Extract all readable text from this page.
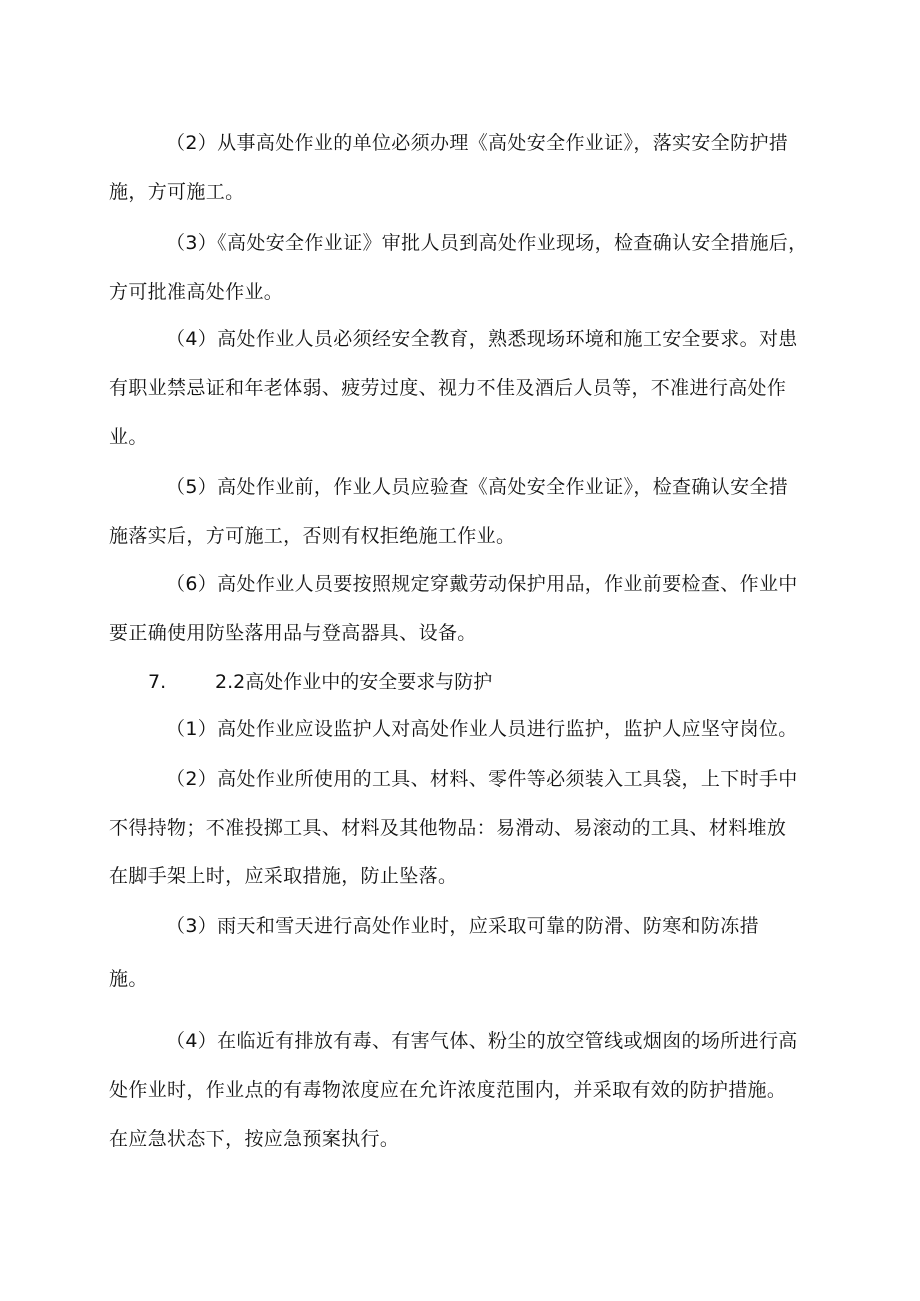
（2）从事高处作业的单位必须办理《高处安全作业证》，落实安全防护措
施，方可施工。
（3）《高处安全作业证》审批人员到高处作业现场，检查确认安全措施后，
方可批准高处作业。
（4）高处作业人员必须经安全教育，熟悉现场环境和施工安全要求。对患
有职业禁忌证和年老体弱、疲劳过度、视力不佳及酒后人员等，不准进行高处作
业。
（5）高处作业前，作业人员应验查《高处安全作业证》，检查确认安全措
施落实后，方可施工，否则有权拒绝施工作业。
（6）高处作业人员要按照规定穿戴劳动保护用品，作业前要检查、作业中
要正确使用防坠落用品与登高器具、设备。
7.	2.2高处作业中的安全要求与防护
（1）高处作业应设监护人对高处作业人员进行监护，监护人应坚守岗位。
（2）高处作业所使用的工具、材料、零件等必须装入工具袋，上下时手中
不得持物；不准投掷工具、材料及其他物品：易滑动、易滚动的工具、材料堆放
在脚手架上时，应采取措施，防止坠落。
（3）雨天和雪天进行高处作业时，应采取可靠的防滑、防寒和防冻措
施。
（4）在临近有排放有毒、有害气体、粉尘的放空管线或烟囱的场所进行高
处作业时，作业点的有毒物浓度应在允许浓度范围内，并采取有效的防护措施。
在应急状态下，按应急预案执行。
